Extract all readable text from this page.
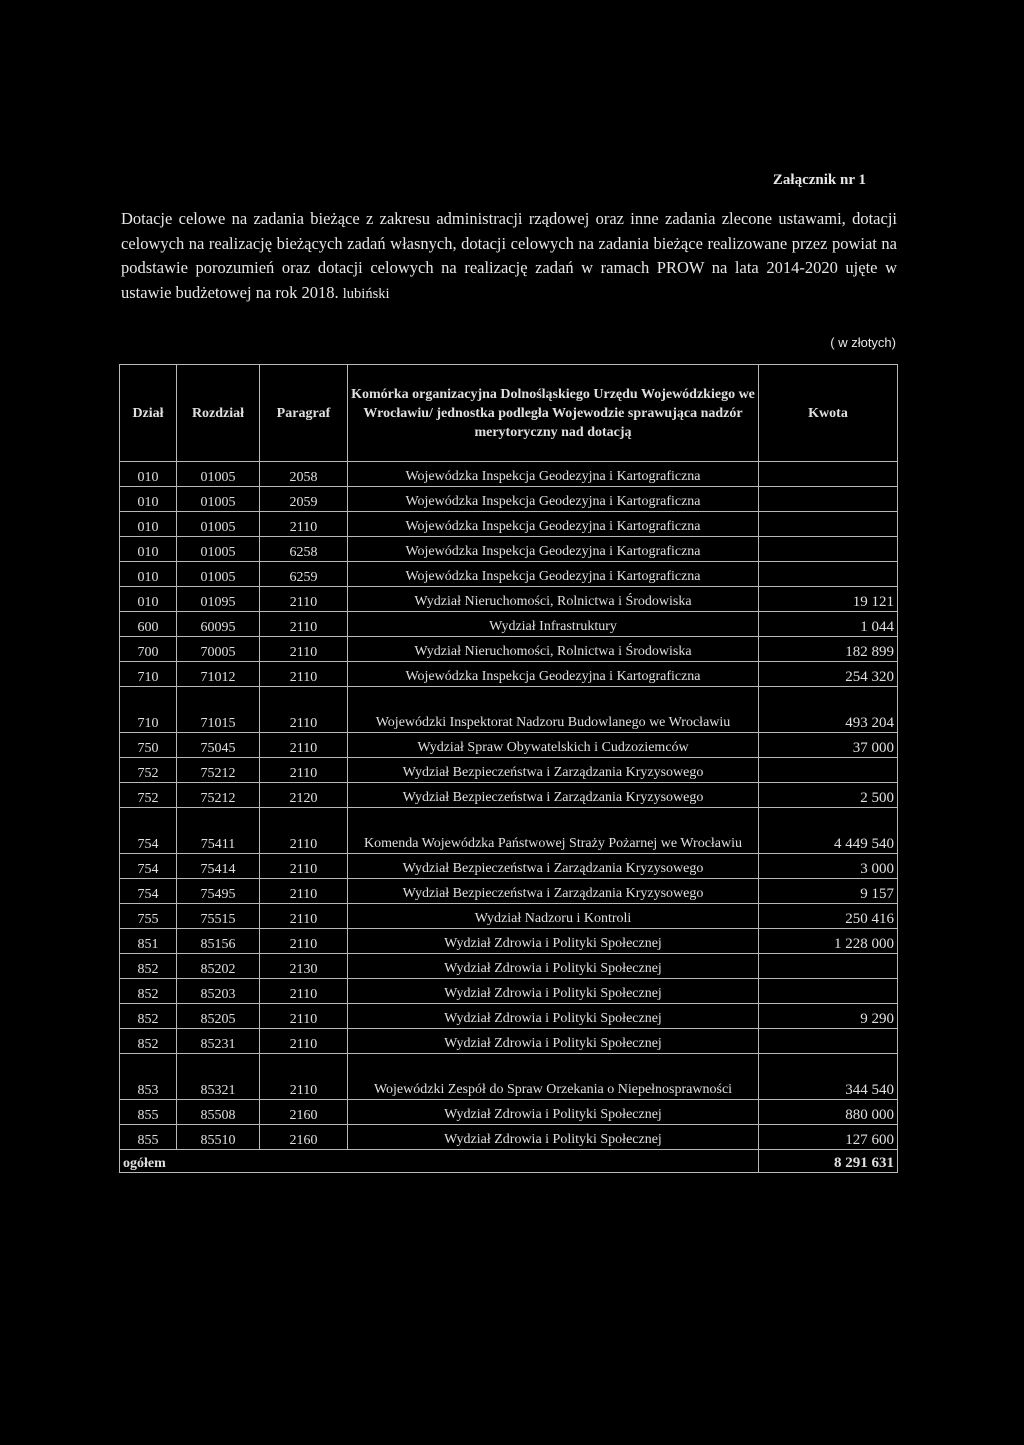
Załącznik nr 1
Dotacje celowe na zadania bieżące z zakresu administracji rządowej oraz inne zadania zlecone ustawami, dotacji celowych na realizację bieżących zadań własnych, dotacji celowych na zadania bieżące realizowane przez powiat na podstawie porozumień oraz dotacji celowych na realizację zadań w ramach PROW na lata 2014-2020 ujęte w ustawie budżetowej na rok 2018. lubiński
( w złotych)
Dział	Rozdział	Paragraf	Komórka organizacyjna Dolnośląskiego Urzędu Wojewódzkiego we Wrocławiu/ jednostka podległa Wojewodzie sprawująca nadzór merytoryczny nad dotacją	Kwota
010	01005	2058	Wojewódzka Inspekcja Geodezyjna i Kartograficzna	
010	01005	2059	Wojewódzka Inspekcja Geodezyjna i Kartograficzna	
010	01005	2110	Wojewódzka Inspekcja Geodezyjna i Kartograficzna	
010	01005	6258	Wojewódzka Inspekcja Geodezyjna i Kartograficzna	
010	01005	6259	Wojewódzka Inspekcja Geodezyjna i Kartograficzna	
010	01095	2110	Wydział Nieruchomości, Rolnictwa i Środowiska	19 121
600	60095	2110	Wydział Infrastruktury	1 044
700	70005	2110	Wydział Nieruchomości, Rolnictwa i Środowiska	182 899
710	71012	2110	Wojewódzka Inspekcja Geodezyjna i Kartograficzna	254 320
710	71015	2110	Wojewódzki Inspektorat Nadzoru Budowlanego we Wrocławiu	493 204
750	75045	2110	Wydział Spraw Obywatelskich i Cudzoziemców	37 000
752	75212	2110	Wydział Bezpieczeństwa i Zarządzania Kryzysowego	
752	75212	2120	Wydział Bezpieczeństwa i Zarządzania Kryzysowego	2 500
754	75411	2110	Komenda Wojewódzka Państwowej Straży Pożarnej we Wrocławiu	4 449 540
754	75414	2110	Wydział Bezpieczeństwa i Zarządzania Kryzysowego	3 000
754	75495	2110	Wydział Bezpieczeństwa i Zarządzania Kryzysowego	9 157
755	75515	2110	Wydział Nadzoru i Kontroli	250 416
851	85156	2110	Wydział Zdrowia i Polityki Społecznej	1 228 000
852	85202	2130	Wydział Zdrowia i Polityki Społecznej	
852	85203	2110	Wydział Zdrowia i Polityki Społecznej	
852	85205	2110	Wydział Zdrowia i Polityki Społecznej	9 290
852	85231	2110	Wydział Zdrowia i Polityki Społecznej	
853	85321	2110	Wojewódzki Zespół do Spraw Orzekania o Niepełnosprawności	344 540
855	85508	2160	Wydział Zdrowia i Polityki Społecznej	880 000
855	85510	2160	Wydział Zdrowia i Polityki Społecznej	127 600
ogółem				8 291 631
